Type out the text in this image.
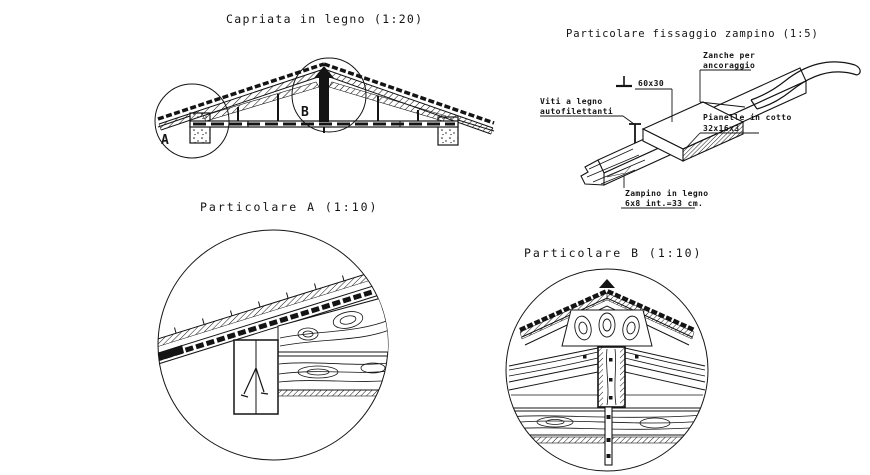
Capriata in legno (1:20)
Particolare fissaggio zampino (1:5)
Particolare A (1:10)
Particolare B (1:10)
A
B
60x30
Zanche per
ancoraggio
Viti a legno
autofilettanti
Pianelle in cotto
32x16x3
Zampino in legno
6x8 int.=33 cm.
